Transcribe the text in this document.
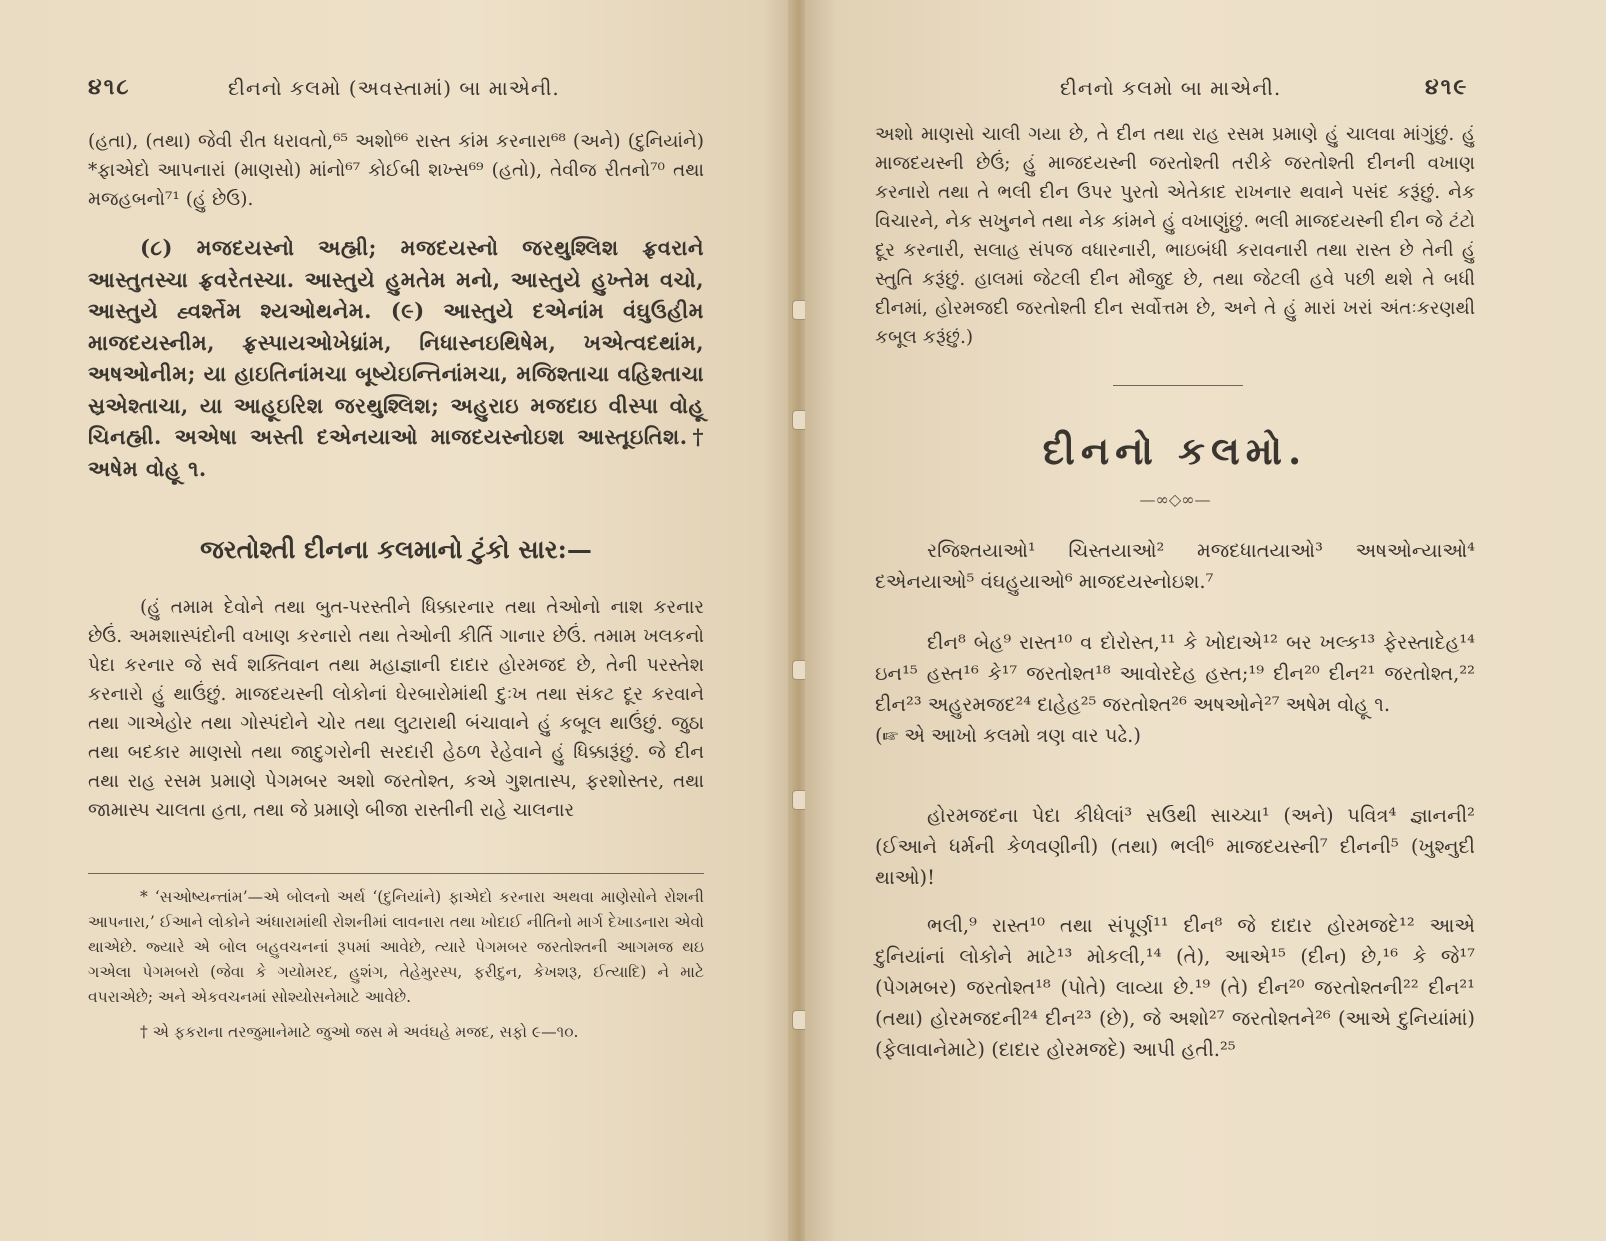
૪૧૮	દીનનો કલમો (અવસ્તામાં) બા માએની.

(હતા), (તથા) જેવી રીત ધરાવતો,⁶⁵ અશો⁶⁶ રાસ્ત કાંમ કરનારા⁶⁸ (અને) (દુનિયાંને) *ફાએદો આપનારાં (માણસો) માંનો⁶⁷ કોઈબી શખ્સ⁶⁹ (હતો), તેવીજ રીતનો⁷⁰ તથા મજહબનો⁷¹ (હું છેઉ).

(૮) મજદયસ્નો અહ્મી; મજદયસ્નો જરથુશ્લિશ ફ્રવરાને આસ્તુતસ્ચા ફ્રવરેતસ્ચા. આસ્તુયે હુમતેમ મનો, આસ્તુયે હુખ્તેમ વચો, આસ્તુયે હ્વર્શ્તેમ શ્યઓથનેમ. (૯) આસ્તુયે દએનાંમ વંઘુઉહીમ માજદયસ્નીમ, ફ્રસ્પાયઓખેધ્રાંમ, નિધાસ્નઇથિષેમ, ખએત્વદથાંમ, અષઓનીમ; યા હાઇતિનાંમચા બૂષ્યેઇન્તિનાંમચા, મજિશ્તાચા વહિશ્તાચા સ્રએશ્તાચા, યા આહૂઇરિશ જરથુશ્લિશ; અહુરાઇ મજદાઇ વીસ્પા વોહૂ ચિનહ્મી. અએષા અસ્તી દએનયાઓ માજદયસ્નોઇશ આસ્તૂઇતિશ.† અષેમ વોહૂ ૧.

જરતોશ્તી દીનના કલમાનો ટુંકો સાર:—

(હું તમામ દેવોને તથા બુત-પરસ્તીને ધિક્કારનાર તથા તેઓનો નાશ કરનાર છેઉં. અમશાસ્પંદોની વખાણ કરનારો તથા તેઓની કીર્તિ ગાનાર છેઉં. તમામ ખલકનો પેદા કરનાર જે સર્વ શક્તિવાન તથા મહાજ્ઞાની દાદાર હોરમજદ છે, તેની પરસ્તેશ કરનારો હું થાઉંછું. માજદયસ્ની લોકોનાં ઘેરબારોમાંથી દુઃખ તથા સંકટ દૂર કરવાને તથા ગાએહોર તથા ગોસ્પંદોને ચોર તથા લુટારાથી બંચાવાને હું કબૂલ થાઉંછું. જુઠા તથા બદકાર માણસો તથા જાદુગરોની સરદારી હેઠળ રેહેવાને હું ધિક્કારૂંછું. જે દીન તથા રાહ રસમ પ્રમાણે પેગમબર અશો જરતોશ્ત, કએ ગુશતાસ્પ, ફરશોસ્તર, તથા જામાસ્પ ચાલતા હતા, તથા જે પ્રમાણે બીજા રાસ્તીની રાહે ચાલનાર

* ‘સઓષ્યન્તાંમ’—એ બોલનો અર્થ ‘(દુનિયાંને) ફાએદો કરનારા અથવા માણેસોને રોશની આપનારા,’ ઈઆને લોકોને અંધારામાંથી રોશનીમાં લાવનારા તથા ખોદાઈ નીતિનો માર્ગ દેખાડનારા એવો થાએછે. જ્યારે એ બોલ બહુવચનનાં રૂપમાં આવેછે, ત્યારે પેગમબર જરતોશ્તની આગમજ થઇ ગએલા પેગમબરો (જેવા કે ગયોમરદ, હુશંગ, તેહેમુરસ્પ, ફરીદુન, કેખશરૂ, ઈત્યાદિ) ને માટે વપરાએછે; અને એકવચનમાં સોશ્યોસનેમાટે આવેછે.

† એ ફકરાના તરજુમાનેમાટે જુઓ જસ મે અવંઘહે મજદ, સફો ૯—૧૦.

દીનનો કલમો બા માએની.	૪૧૯

અશો માણસો ચાલી ગયા છે, તે દીન તથા રાહ રસમ પ્રમાણે હું ચાલવા માંગુંછું. હું માજદયસ્ની છેઉં; હું માજદયસ્ની જરતોશ્તી તરીકે જરતોશ્તી દીનની વખાણ કરનારો તથા તે ભલી દીન ઉપર પુરતો એતેકાદ રાખનાર થવાને પસંદ કરૂંછું. નેક વિચારને, નેક સખુનને તથા નેક કાંમને હું વખાણુંછું. ભલી માજદયસ્ની દીન જે ટંટો દૂર કરનારી, સલાહ સંપજ વધારનારી, ભાઇબંધી કરાવનારી તથા રાસ્ત છે તેની હું સ્તુતિ કરૂંછું. હાલમાં જેટલી દીન મૌજુદ છે, તથા જેટલી હવે પછી થશે તે બધી દીનમાં, હોરમજદી જરતોશ્તી દીન સર્વોત્તમ છે, અને તે હું મારાં ખરાં અંતઃકરણથી કબૂલ કરૂંછું.)

દીનનો કલમો.
—∞◇∞—

રજિશ્તયાઓ¹ ચિસ્તયાઓ² મજદધાતયાઓ³ અષઓન્યાઓ⁴ દએનયાઓ⁵ વંઘહુયાઓ⁶ માજદયસ્નોઇશ.⁷

દીન⁸ બેહ⁹ રાસ્ત¹⁰ વ દોરોસ્ત,¹¹ કે ખોદાએ¹² બર ખલ્ક¹³ ફેરસ્તાદેહ¹⁴ ઇન¹⁵ હસ્ત¹⁶ કે¹⁷ જરતોશ્ત¹⁸ આવોરદેહ હસ્ત;¹⁹ દીન²⁰ દીન²¹ જરતોશ્ત,²² દીન²³ અહુરમજદ²⁴ દાહેહ²⁵ જરતોશ્ત²⁶ અષઓને²⁷ અષેમ વોહૂ ૧.

(☞ એ આખો કલમો ત્રણ વાર પઢે.)

હોરમજદના પેદા કીધેલાં³ સઉથી સાચ્ચા¹ (અને) પવિત્ર⁴ જ્ઞાનની² (ઈઆને ધર્મની કેળવણીની) (તથા) ભલી⁶ માજદયસ્ની⁷ દીનની⁵ (ખુશ્નુદી થાઓ)!

ભલી,⁹ રાસ્ત¹⁰ તથા સંપૂર્ણ¹¹ દીન⁸ જે દાદાર હોરમજદે¹² આએ દુનિયાંનાં લોકોને માટે¹³ મોકલી,¹⁴ (તે), આએ¹⁵ (દીન) છે,¹⁶ કે જે¹⁷ (પેગમબર) જરતોશ્ત¹⁸ (પોતે) લાવ્યા છે.¹⁹ (તે) દીન²⁰ જરતોશ્તની²² દીન²¹ (તથા) હોરમજદની²⁴ દીન²³ (છે), જે અશો²⁷ જરતોશ્તને²⁶ (આએ દુનિયાંમાં) (ફેલાવાનેમાટે) (દાદાર હોરમજદે) આપી હતી.²⁵
